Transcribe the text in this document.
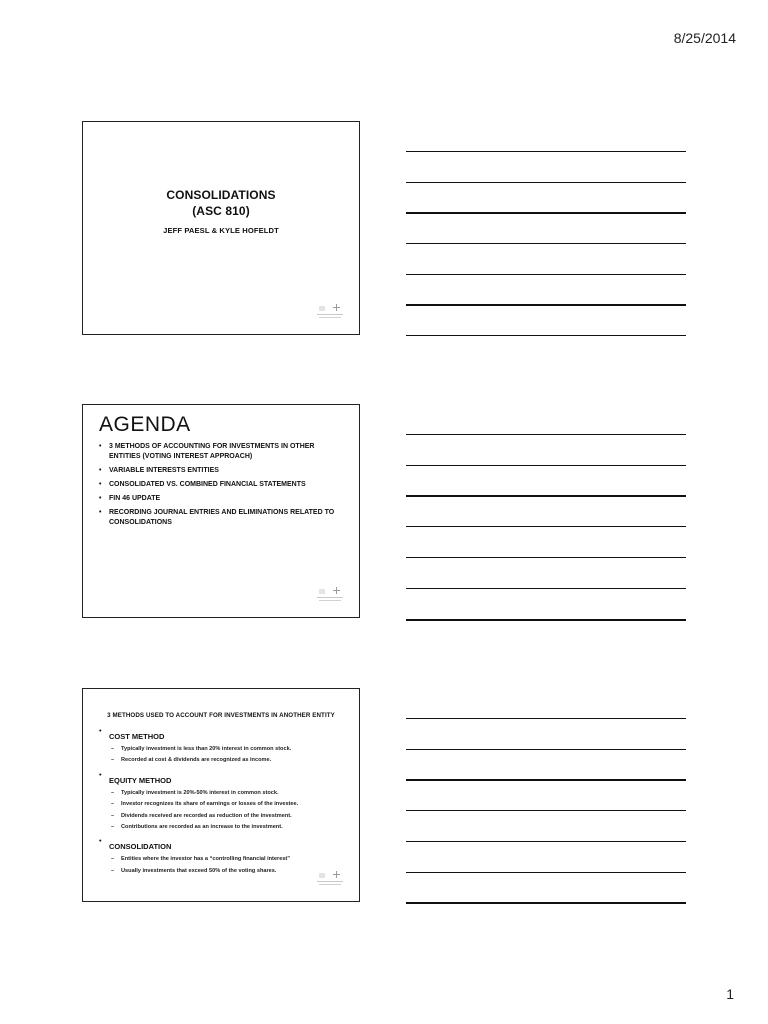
8/25/2014
CONSOLIDATIONS
(ASC 810)
JEFF PAESL & KYLE HOFELDT
AGENDA
• 3 METHODS OF ACCOUNTING FOR INVESTMENTS IN OTHER ENTITIES (VOTING INTEREST APPROACH)
• VARIABLE INTERESTS ENTITIES
• CONSOLIDATED VS. COMBINED FINANCIAL STATEMENTS
• FIN 46 UPDATE
• RECORDING JOURNAL ENTRIES AND ELIMINATIONS RELATED TO CONSOLIDATIONS
3 METHODS USED TO ACCOUNT FOR INVESTMENTS IN ANOTHER ENTITY
•
COST METHOD
– Typically investment is less than 20% interest in common stock.
– Recorded at cost & dividends are recognized as income.
•
EQUITY METHOD
– Typically investment is 20%-50% interest in common stock.
– Investor recognizes its share of earnings or losses of the investee.
– Dividends received are recorded as reduction of the investment.
– Contributions are recorded as an increase to the investment.
•
CONSOLIDATION
– Entities where the investor has a “controlling financial interest”
– Usually investments that exceed 50% of the voting shares.
1
